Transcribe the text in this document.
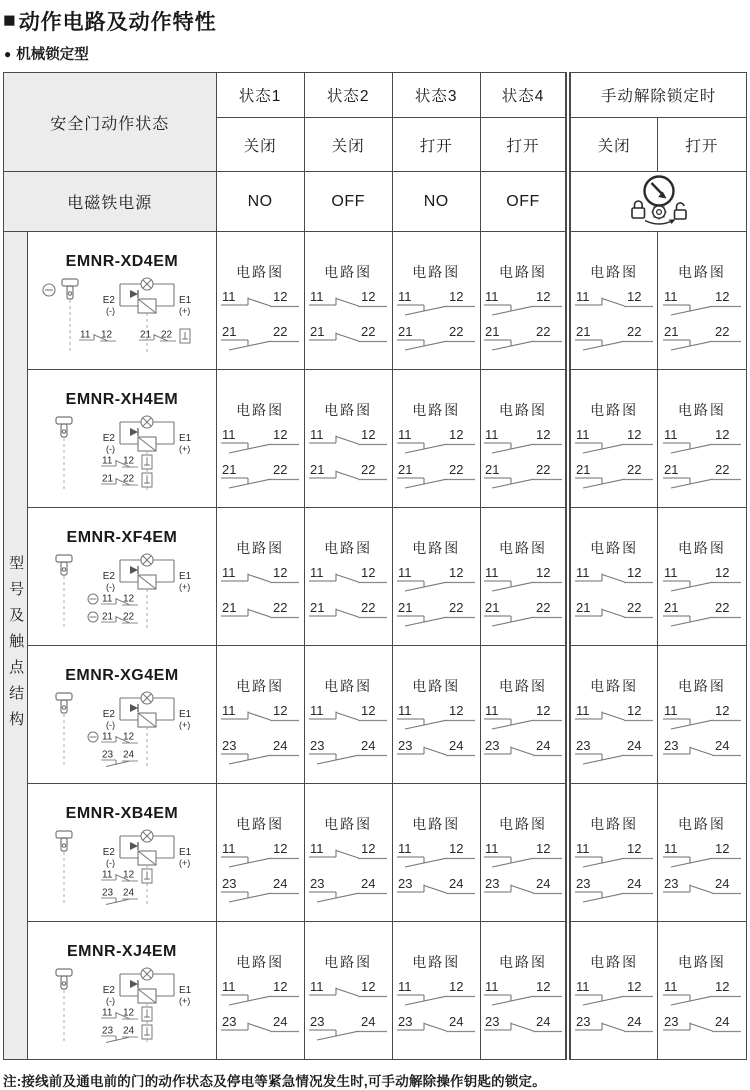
■ 动作电路及动作特性
● 机械锁定型
安全门动作状态		状态1	状态2	状态3	状态4	手动解除锁定时	
		关闭	关闭	打开	打开	关闭	打开
电磁铁电源		NO	OFF	NO	OFF	

型号及触点结构

EMNR-XD4EM
E2
(-)
E1
(+)
11 12	21 22

电路图
11	12
21	22

电路图
11	12
21	22

电路图
11	12
21	22

电路图
11	12
21	22

电路图
11	12
21	22

电路图
11	12
21	22

EMNR-XH4EM
E2
(-)
E1
(+)
11 12
21 22

电路图
11	12
21	22

电路图
11	12
21	22

电路图
11	12
21	22

电路图
11	12
21	22

电路图
11	12
21	22

电路图
11	12
21	22

EMNR-XF4EM
E2
(-)
E1
(+)
11 12
21 22

电路图
11	12
21	22

电路图
11	12
21	22

电路图
11	12
21	22

电路图
11	12
21	22

电路图
11	12
21	22

电路图
11	12
21	22

EMNR-XG4EM
E2
(-)
E1
(+)
11 12
23 24

电路图
11	12
23	24

电路图
11	12
23	24

电路图
11	12
23	24

电路图
11	12
23	24

电路图
11	12
23	24

电路图
11	12
23	24

EMNR-XB4EM
E2
(-)
E1
(+)
11 12
23 24

电路图
11	12
23	24

电路图
11	12
23	24

电路图
11	12
23	24

电路图
11	12
23	24

电路图
11	12
23	24

电路图
11	12
23	24

EMNR-XJ4EM
E2
(-)
E1
(+)
11 12
23 24

电路图
11	12
23	24

电路图
11	12
23	24

电路图
11	12
23	24

电路图
11	12
23	24

电路图
11	12
23	24

电路图
11	12
23	24
注:接线前及通电前的门的动作状态及停电等紧急情况发生时,可手动解除操作钥匙的锁定。
